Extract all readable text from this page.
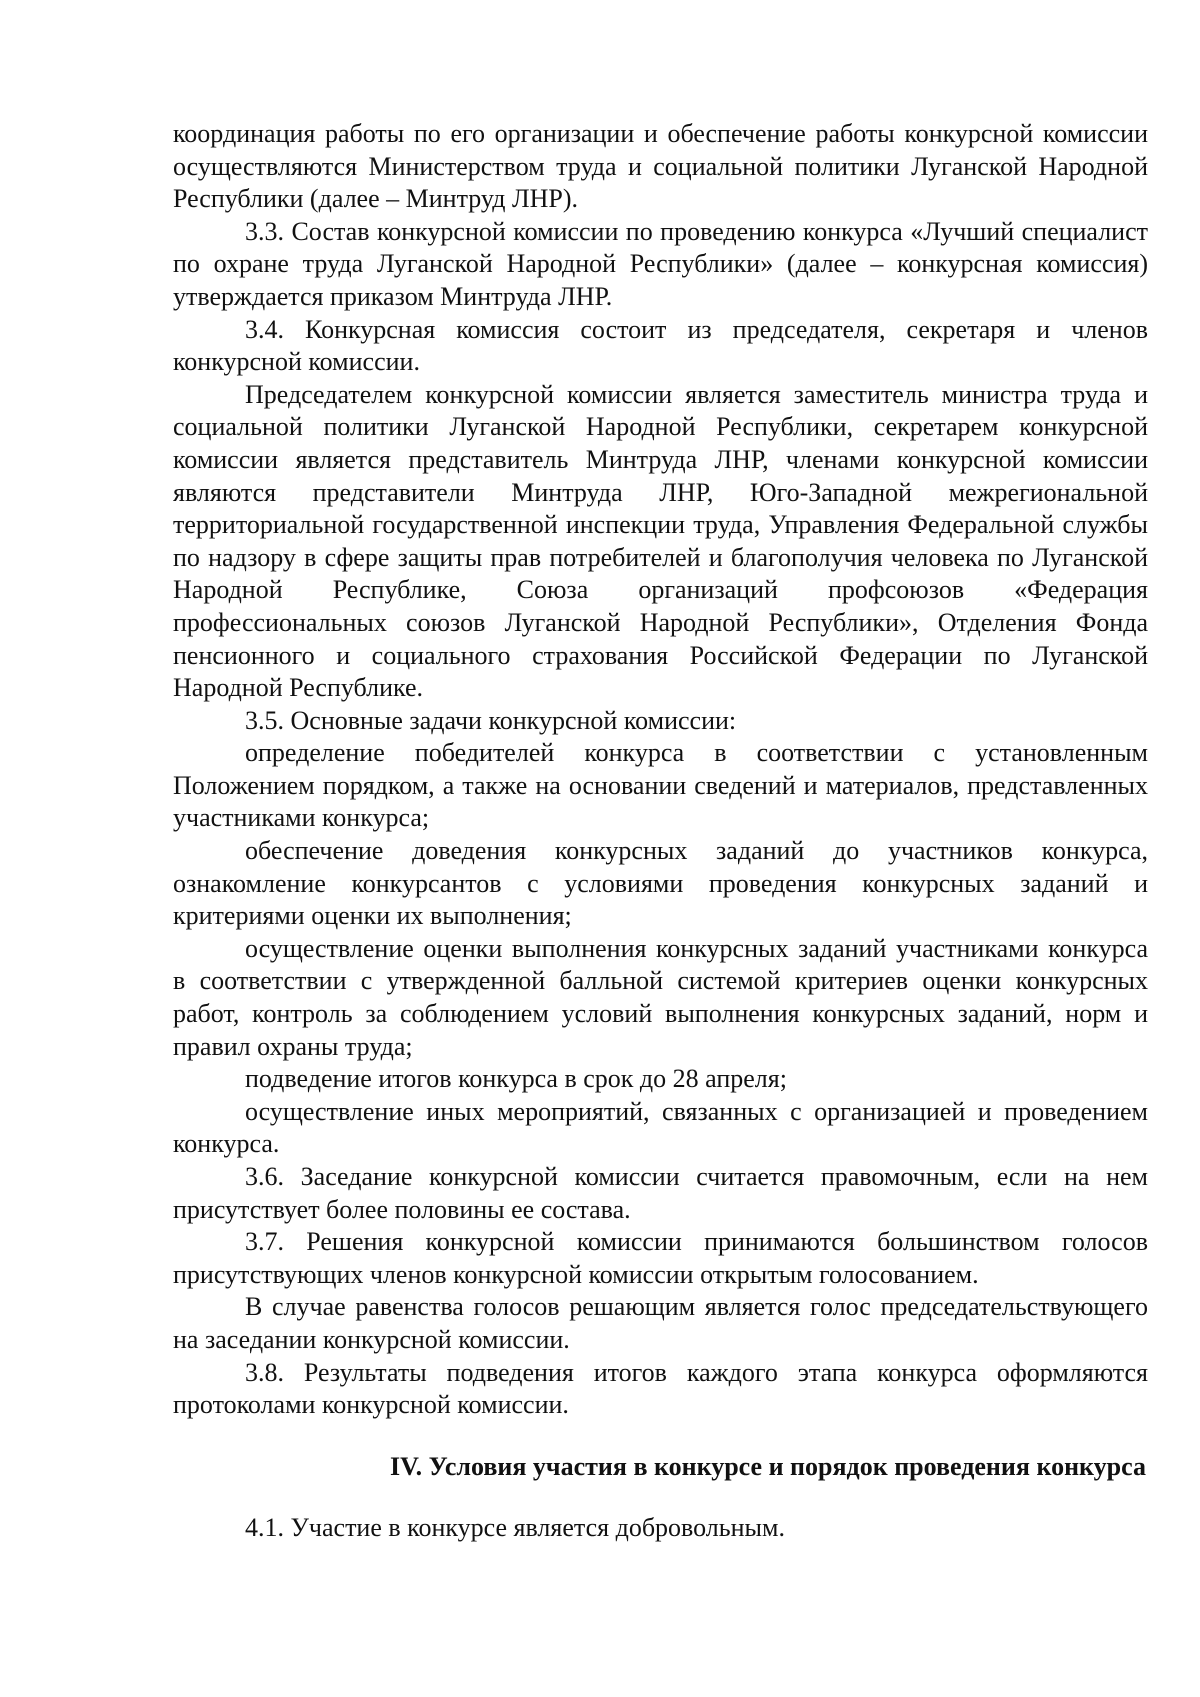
координация работы по его организации и обеспечение работы конкурсной комиссии осуществляются Министерством труда и социальной политики Луганской Народной Республики (далее – Минтруд ЛНР).

3.3. Состав конкурсной комиссии по проведению конкурса «Лучший специалист по охране труда Луганской Народной Республики» (далее – конкурсная комиссия) утверждается приказом Минтруда ЛНР.

3.4. Конкурсная комиссия состоит из председателя, секретаря и членов конкурсной комиссии.

Председателем конкурсной комиссии является заместитель министра труда и социальной политики Луганской Народной Республики, секретарем конкурсной комиссии является представитель Минтруда ЛНР, членами конкурсной комиссии являются представители Минтруда ЛНР, Юго-Западной межрегиональной территориальной государственной инспекции труда, Управления Федеральной службы по надзору в сфере защиты прав потребителей и благополучия человека по Луганской Народной Республике, Союза организаций профсоюзов «Федерация профессиональных союзов Луганской Народной Республики», Отделения Фонда пенсионного и социального страхования Российской Федерации по Луганской Народной Республике.

3.5. Основные задачи конкурсной комиссии:

определение победителей конкурса в соответствии с установленным Положением порядком, а также на основании сведений и материалов, представленных участниками конкурса;

обеспечение доведения конкурсных заданий до участников конкурса, ознакомление конкурсантов с условиями проведения конкурсных заданий и критериями оценки их выполнения;

осуществление оценки выполнения конкурсных заданий участниками конкурса в соответствии с утвержденной балльной системой критериев оценки конкурсных работ, контроль за соблюдением условий выполнения конкурсных заданий, норм и правил охраны труда;

подведение итогов конкурса в срок до 28 апреля;

осуществление иных мероприятий, связанных с организацией и проведением конкурса.

3.6. Заседание конкурсной комиссии считается правомочным, если на нем присутствует более половины ее состава.

3.7. Решения конкурсной комиссии принимаются большинством голосов присутствующих членов конкурсной комиссии открытым голосованием.

В случае равенства голосов решающим является голос председательствующего на заседании конкурсной комиссии.

3.8. Результаты подведения итогов каждого этапа конкурса оформляются протоколами конкурсной комиссии.

IV. Условия участия в конкурсе и порядок проведения конкурса

4.1. Участие в конкурсе является добровольным.
